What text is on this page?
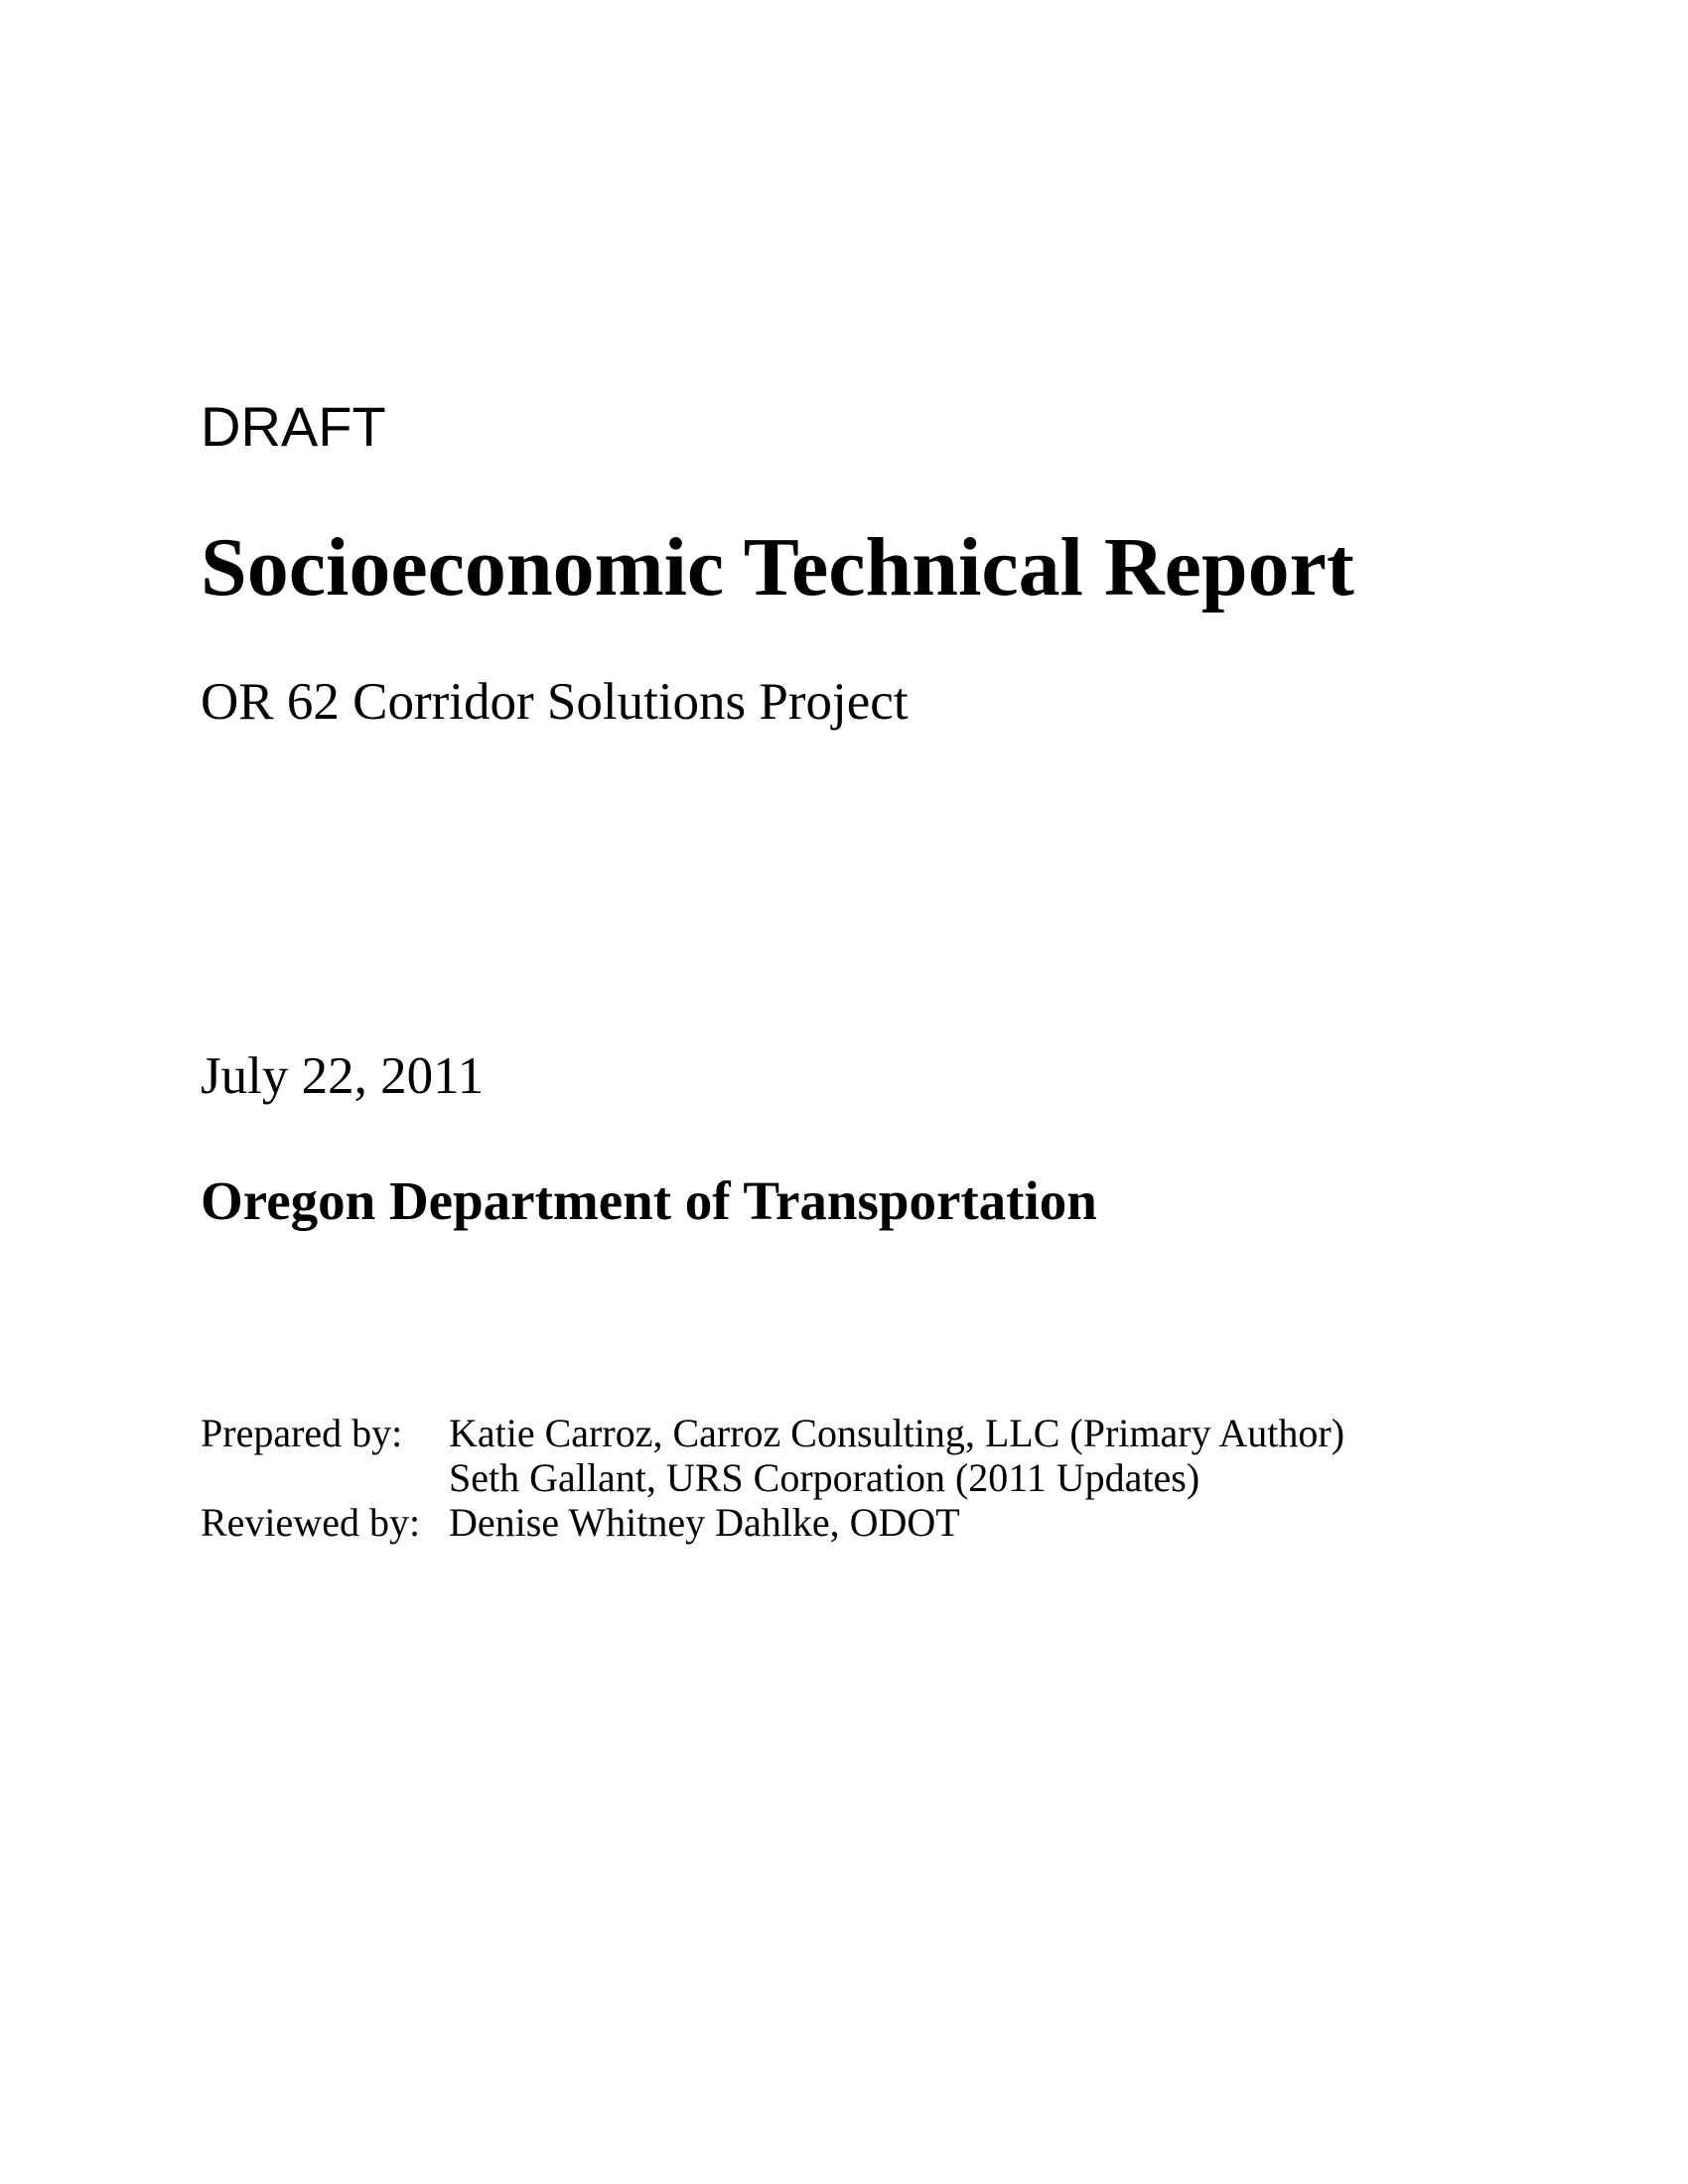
DRAFT
Socioeconomic Technical Report
OR 62 Corridor Solutions Project
July 22, 2011
Oregon Department of Transportation
Prepared by: Katie Carroz, Carroz Consulting, LLC (Primary Author)
Seth Gallant, URS Corporation (2011 Updates)
Reviewed by: Denise Whitney Dahlke, ODOT
